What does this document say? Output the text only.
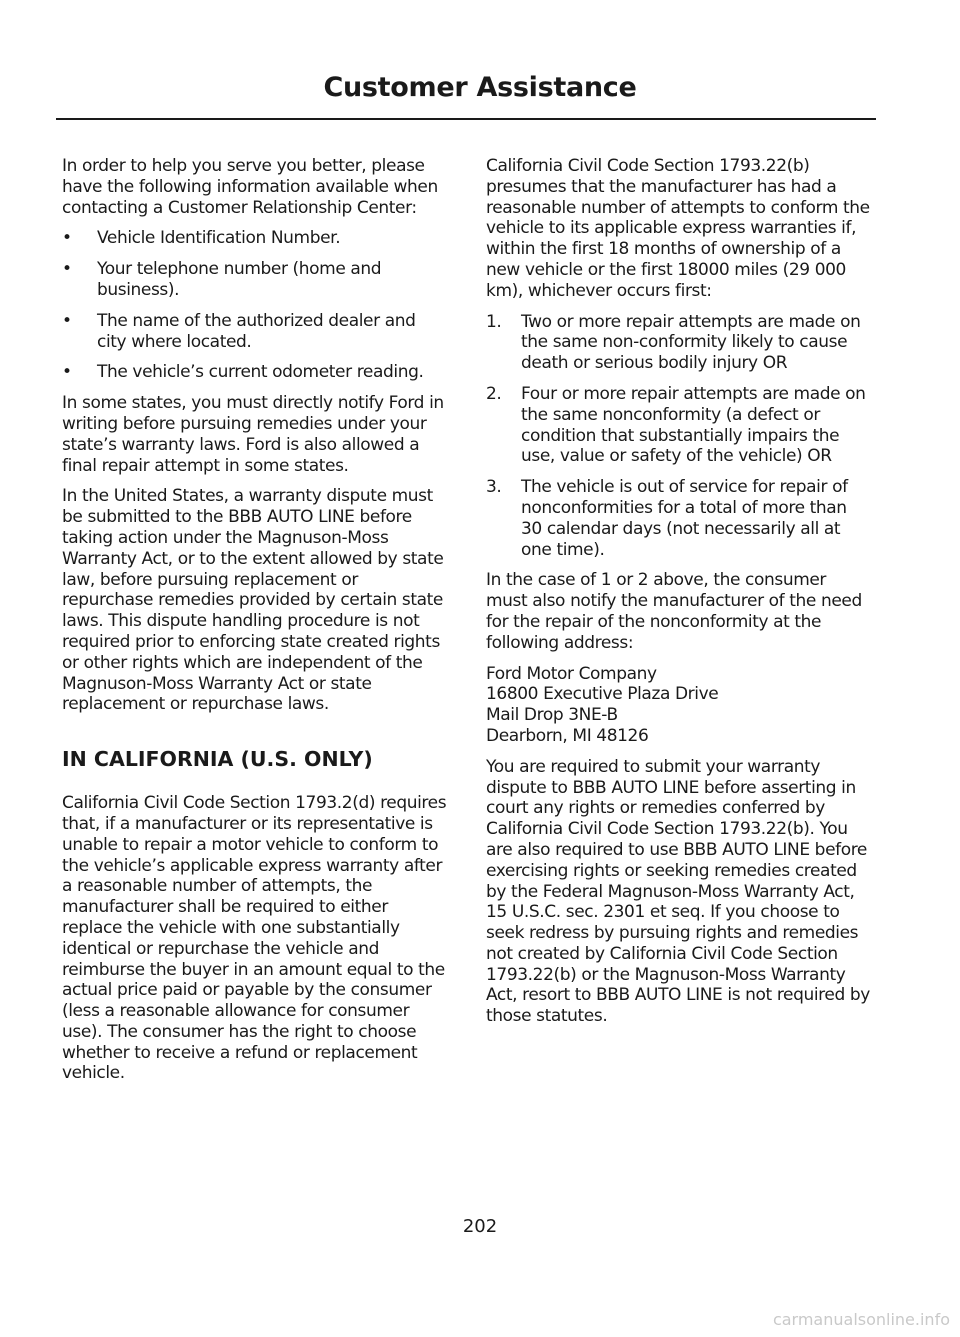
Customer Assistance

In order to help you serve you better, please have the following information available when contacting a Customer Relationship Center:

• Vehicle Identification Number.
• Your telephone number (home and business).
• The name of the authorized dealer and city where located.
• The vehicle’s current odometer reading.

In some states, you must directly notify Ford in writing before pursuing remedies under your state’s warranty laws. Ford is also allowed a final repair attempt in some states.

In the United States, a warranty dispute must be submitted to the BBB AUTO LINE before taking action under the Magnuson-Moss Warranty Act, or to the extent allowed by state law, before pursuing replacement or repurchase remedies provided by certain state laws. This dispute handling procedure is not required prior to enforcing state created rights or other rights which are independent of the Magnuson-Moss Warranty Act or state replacement or repurchase laws.

IN CALIFORNIA (U.S. ONLY)

California Civil Code Section 1793.2(d) requires that, if a manufacturer or its representative is unable to repair a motor vehicle to conform to the vehicle’s applicable express warranty after a reasonable number of attempts, the manufacturer shall be required to either replace the vehicle with one substantially identical or repurchase the vehicle and reimburse the buyer in an amount equal to the actual price paid or payable by the consumer (less a reasonable allowance for consumer use). The consumer has the right to choose whether to receive a refund or replacement vehicle.

California Civil Code Section 1793.22(b) presumes that the manufacturer has had a reasonable number of attempts to conform the vehicle to its applicable express warranties if, within the first 18 months of ownership of a new vehicle or the first 18000 miles (29 000 km), whichever occurs first:

1. Two or more repair attempts are made on the same non-conformity likely to cause death or serious bodily injury OR
2. Four or more repair attempts are made on the same nonconformity (a defect or condition that substantially impairs the use, value or safety of the vehicle) OR
3. The vehicle is out of service for repair of nonconformities for a total of more than 30 calendar days (not necessarily all at one time).

In the case of 1 or 2 above, the consumer must also notify the manufacturer of the need for the repair of the nonconformity at the following address:

Ford Motor Company
16800 Executive Plaza Drive
Mail Drop 3NE-B
Dearborn, MI 48126

You are required to submit your warranty dispute to BBB AUTO LINE before asserting in court any rights or remedies conferred by California Civil Code Section 1793.22(b). You are also required to use BBB AUTO LINE before exercising rights or seeking remedies created by the Federal Magnuson-Moss Warranty Act, 15 U.S.C. sec. 2301 et seq. If you choose to seek redress by pursuing rights and remedies not created by California Civil Code Section 1793.22(b) or the Magnuson-Moss Warranty Act, resort to BBB AUTO LINE is not required by those statutes.

202
carmanualsonline.info
